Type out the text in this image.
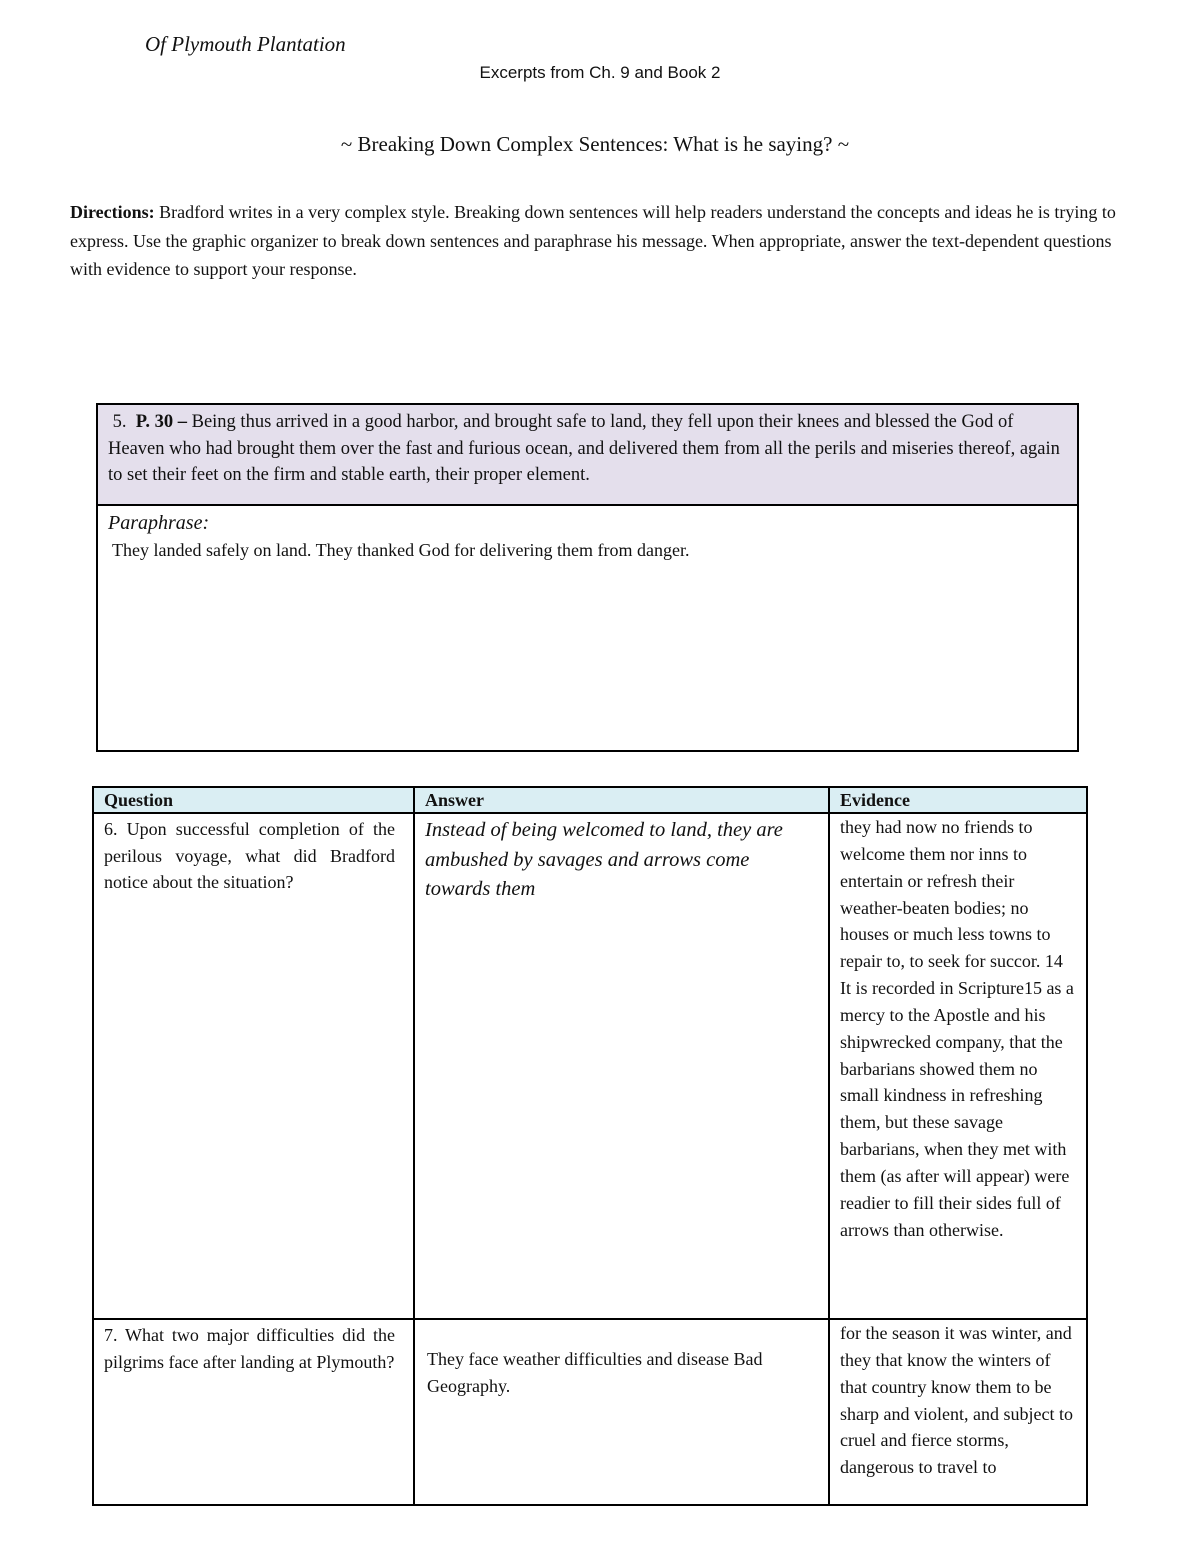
Of Plymouth Plantation
Excerpts from Ch. 9 and Book 2
~ Breaking Down Complex Sentences: What is he saying? ~
Directions: Bradford writes in a very complex style. Breaking down sentences will help readers understand the concepts and ideas he is trying to express. Use the graphic organizer to break down sentences and paraphrase his message. When appropriate, answer the text-dependent questions with evidence to support your response.
5. P. 30 – Being thus arrived in a good harbor, and brought safe to land, they fell upon their knees and blessed the God of Heaven who had brought them over the fast and furious ocean, and delivered them from all the perils and miseries thereof, again to set their feet on the firm and stable earth, their proper element.
Paraphrase:
They landed safely on land. They thanked God for delivering them from danger.
Question	Answer	Evidence
6. Upon successful completion of the perilous voyage, what did Bradford notice about the situation?	Instead of being welcomed to land, they are ambushed by savages and arrows come towards them	they had now no friends to welcome them nor inns to entertain or refresh their weather-beaten bodies; no houses or much less towns to repair to, to seek for succor. 14 It is recorded in Scripture15 as a mercy to the Apostle and his shipwrecked company, that the barbarians showed them no small kindness in refreshing them, but these savage barbarians, when they met with them (as after will appear) were readier to fill their sides full of arrows than otherwise.
7. What two major difficulties did the pilgrims face after landing at Plymouth?	They face weather difficulties and disease Bad Geography.	for the season it was winter, and they that know the winters of that country know them to be sharp and violent, and subject to cruel and fierce storms, dangerous to travel to
